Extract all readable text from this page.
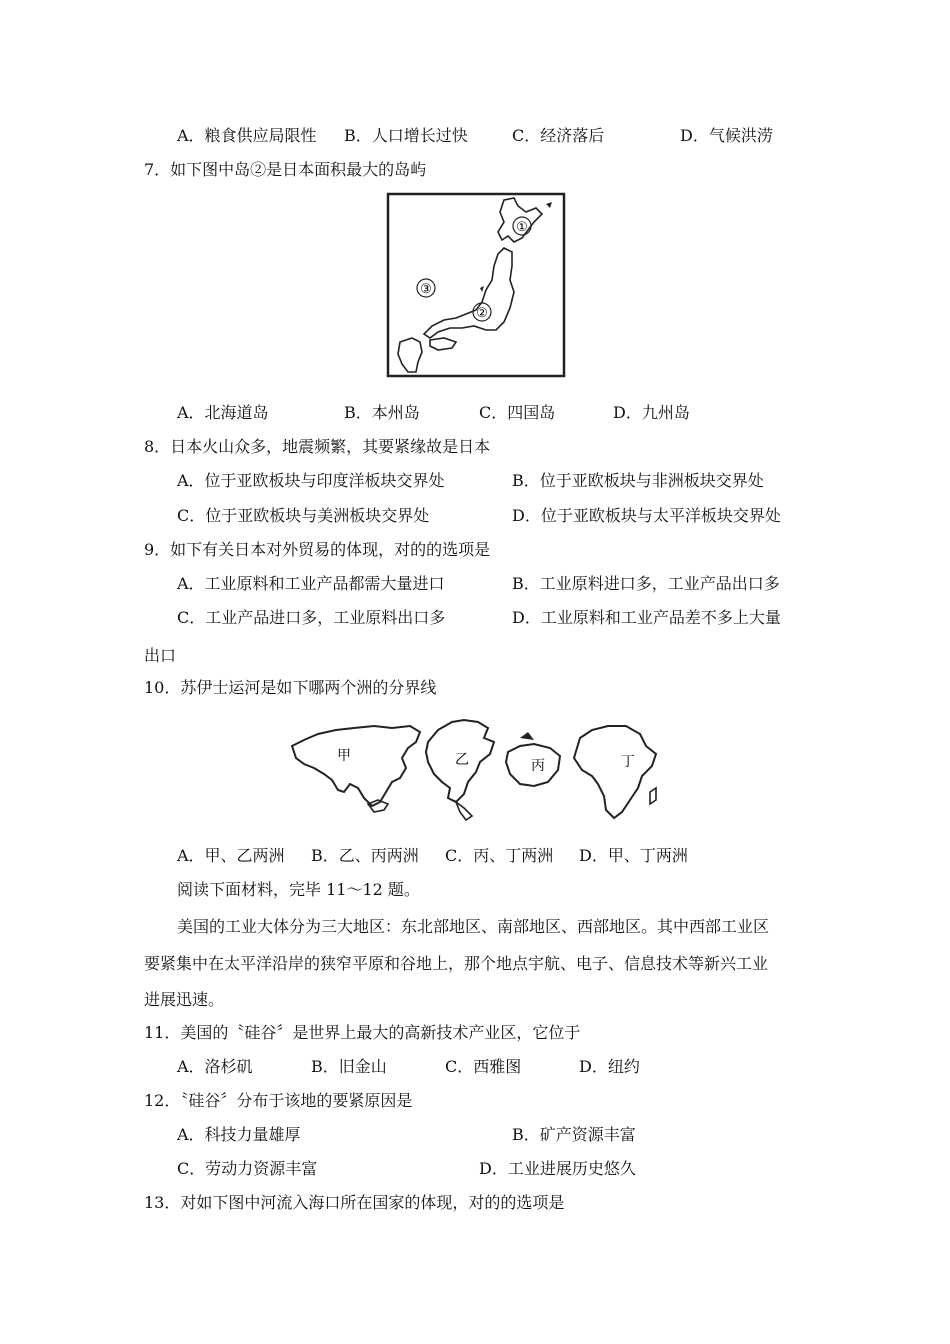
A．粮食供应局限性 B．人口增长过快	C．经济落后	D．气候洪涝
7．如下图中岛②是日本面积最大的岛屿
①
②
③
A．北海道岛	B．本州岛	C．四国岛	D．九州岛
8．日本火山众多，地震频繁，其要紧缘故是日本
A．位于亚欧板块与印度洋板块交界处	B．位于亚欧板块与非洲板块交界处
C．位于亚欧板块与美洲板块交界处	D．位于亚欧板块与太平洋板块交界处
9．如下有关日本对外贸易的体现，对的的选项是
A．工业原料和工业产品都需大量进口	B．工业原料进口多，工业产品出口多
C．工业产品进口多，工业原料出口多	D．工业原料和工业产品差不多上大量
出口
10．苏伊士运河是如下哪两个洲的分界线
甲	乙	丙	丁
A．甲、乙两洲 B．乙、丙两洲 C．丙、丁两洲 D．甲、丁两洲
阅读下面材料，完毕 11～12 题。
美国的工业大体分为三大地区：东北部地区、南部地区、西部地区。其中西部工业区
要紧集中在太平洋沿岸的狭窄平原和谷地上，那个地点宇航、电子、信息技术等新兴工业
进展迅速。
11．美国的〝硅谷〞是世界上最大的高新技术产业区，它位于
A．洛杉矶	B．旧金山	C．西雅图	D．纽约
12．〝硅谷〞分布于该地的要紧原因是
A．科技力量雄厚	B．矿产资源丰富
C．劳动力资源丰富	D．工业进展历史悠久
13．对如下图中河流入海口所在国家的体现，对的的选项是
